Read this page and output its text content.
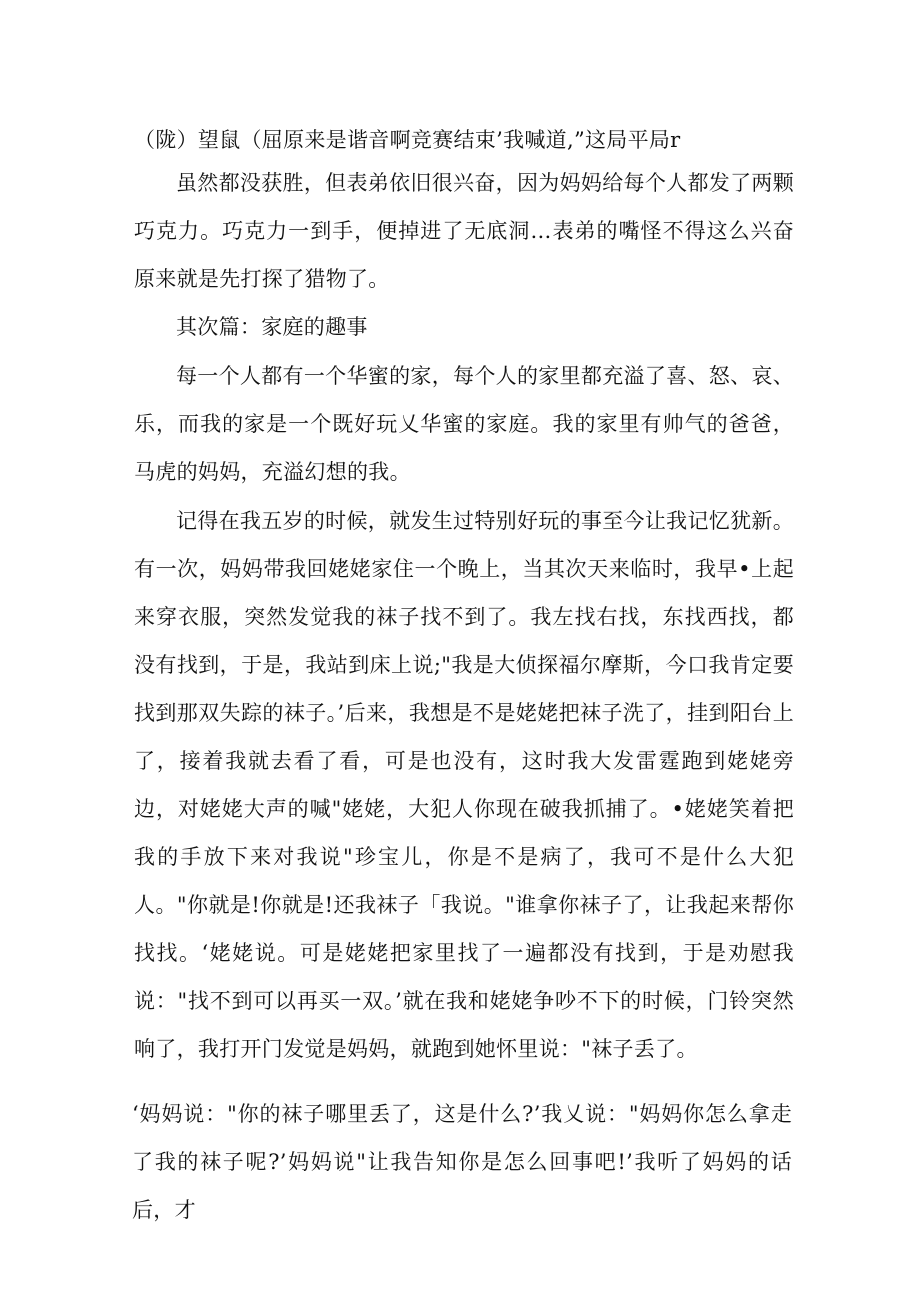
（陇）望鼠（屈原来是谐音啊竞赛结束’我喊道,”这局平局r

虽然都没获胜，但表弟依旧很兴奋，因为妈妈给每个人都发了两颗巧克力。巧克力一到手，便掉进了无底洞…表弟的嘴怪不得这么兴奋原来就是先打探了猎物了。

其次篇：家庭的趣事

每一个人都有一个华蜜的家，每个人的家里都充溢了喜、怒、哀、乐，而我的家是一个既好玩乂华蜜的家庭。我的家里有帅气的爸爸，马虎的妈妈，充溢幻想的我。

记得在我五岁的时候，就发生过特别好玩的事至今让我记忆犹新。有一次，妈妈带我回姥姥家住一个晚上，当其次天来临时，我早•上起来穿衣服，突然发觉我的袜子找不到了。我左找右找，东找西找，都没有找到，于是，我站到床上说;"我是大侦探福尔摩斯，今口我肯定要找到那双失踪的袜子。’后来，我想是不是姥姥把袜子洗了，挂到阳台上了，接着我就去看了看，可是也没有，这时我大发雷霆跑到姥姥旁边，对姥姥大声的喊"姥姥，大犯人你现在破我抓捕了。•姥姥笑着把我的手放下来对我说"珍宝儿，你是不是病了，我可不是什么大犯人。"你就是!你就是!还我袜子「我说。"谁拿你袜子了，让我起来帮你找找。‘姥姥说。可是姥姥把家里找了一遍都没有找到，于是劝慰我说："找不到可以再买一双。’就在我和姥姥争吵不下的时候，门铃突然响了，我打开门发觉是妈妈，就跑到她怀里说："袜子丢了。

‘妈妈说："你的袜子哪里丢了，这是什么?’我乂说："妈妈你怎么拿走了我的袜子呢?’妈妈说"让我告知你是怎么回事吧!’我听了妈妈的话后，才
